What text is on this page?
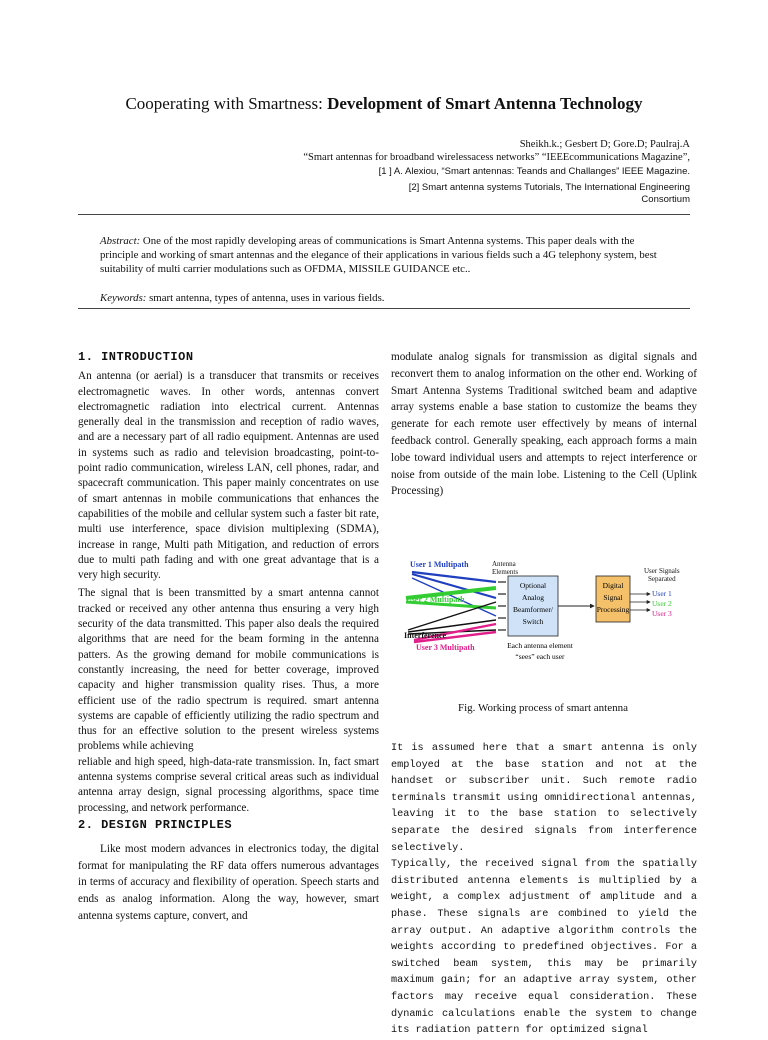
Cooperating with Smartness: Development of Smart Antenna Technology
Sheikh.k.; Gesbert D; Gore.D; Paulraj.A
“Smart antennas for broadband wirelessacess networks” “IEEEcommunications Magazine”,
[1 ] A. Alexiou, “Smart antennas: Teands and Challanges” IEEE Magazine.
[2] Smart antenna systems Tutorials, The International Engineering
Consortium
Abstract: One of the most rapidly developing areas of communications is Smart Antenna systems. This paper deals with the principle and working of smart antennas and the elegance of their applications in various fields such a 4G telephony system, best suitability of multi carrier modulations such as OFDMA, MISSILE GUIDANCE etc..
Keywords: smart antenna, types of antenna, uses in various fields.
1. INTRODUCTION

An antenna (or aerial) is a transducer that transmits or receives electromagnetic waves. In other words, antennas convert electromagnetic radiation into electrical current. Antennas generally deal in the transmission and reception of radio waves, and are a necessary part of all radio equipment. Antennas are used in systems such as radio and television broadcasting, point-to-point radio communication, wireless LAN, cell phones, radar, and spacecraft communication. This paper mainly concentrates on use of smart antennas in mobile communications that enhances the capabilities of the mobile and cellular system such a faster bit rate, multi use interference, space division multiplexing (SDMA), increase in range, Multi path Mitigation, and reduction of errors due to multi path fading and with one great advantage that is a very high security.

The signal that is been transmitted by a smart antenna cannot tracked or received any other antenna thus ensuring a very high security of the data transmitted. This paper also deals the required algorithms that are need for the beam forming in the antenna patters. As the growing demand for mobile communications is constantly increasing, the need for better coverage, improved capacity and higher transmission quality rises. Thus, a more efficient use of the radio spectrum is required. smart antenna systems are capable of efficiently utilizing the radio spectrum and thus for an effective solution to the present wireless systems problems while achieving

reliable and high speed, high-data-rate transmission. In, fact smart antenna systems comprise several critical areas such as individual antenna array design, signal processing algorithms, space time processing, and network performance.

2. DESIGN PRINCIPLES

Like most modern advances in electronics today, the digital format for manipulating the RF data offers numerous advantages in terms of accuracy and flexibility of operation. Speech starts and ends as analog information. Along the way, however, smart antenna systems capture, convert, and

modulate analog signals for transmission as digital signals and reconvert them to analog information on the other end. Working of Smart Antenna Systems Traditional switched beam and adaptive array systems enable a base station to customize the beams they generate for each remote user effectively by means of internal feedback control. Generally speaking, each approach forms a main lobe toward individual users and attempts to reject interference or noise from outside of the main lobe. Listening to the Cell (Uplink Processing)

User 1 Multipath
User 2 Multipath
Interference
User 3 Multipath
Antenna
Elements
Optional
Analog
Beamformer/
Switch
Digital
Signal
Processing
User Signals
Separated
User 1
User 2
User 3
Each antenna element
“sees” each user
Fig. Working process of smart antenna

It is assumed here that a smart antenna is only employed at the base station and not at the handset or subscriber unit. Such remote radio terminals transmit using omnidirectional antennas, leaving it to the base station to selectively separate the desired signals from interference selectively.

Typically, the received signal from the spatially distributed antenna elements is multiplied by a weight, a complex adjustment of amplitude and a phase. These signals are combined to yield the array output. An adaptive algorithm controls the weights according to predefined objectives. For a switched beam system, this may be primarily maximum gain; for an adaptive array system, other factors may receive equal consideration. These dynamic calculations enable the system to change its radiation pattern for optimized signal
